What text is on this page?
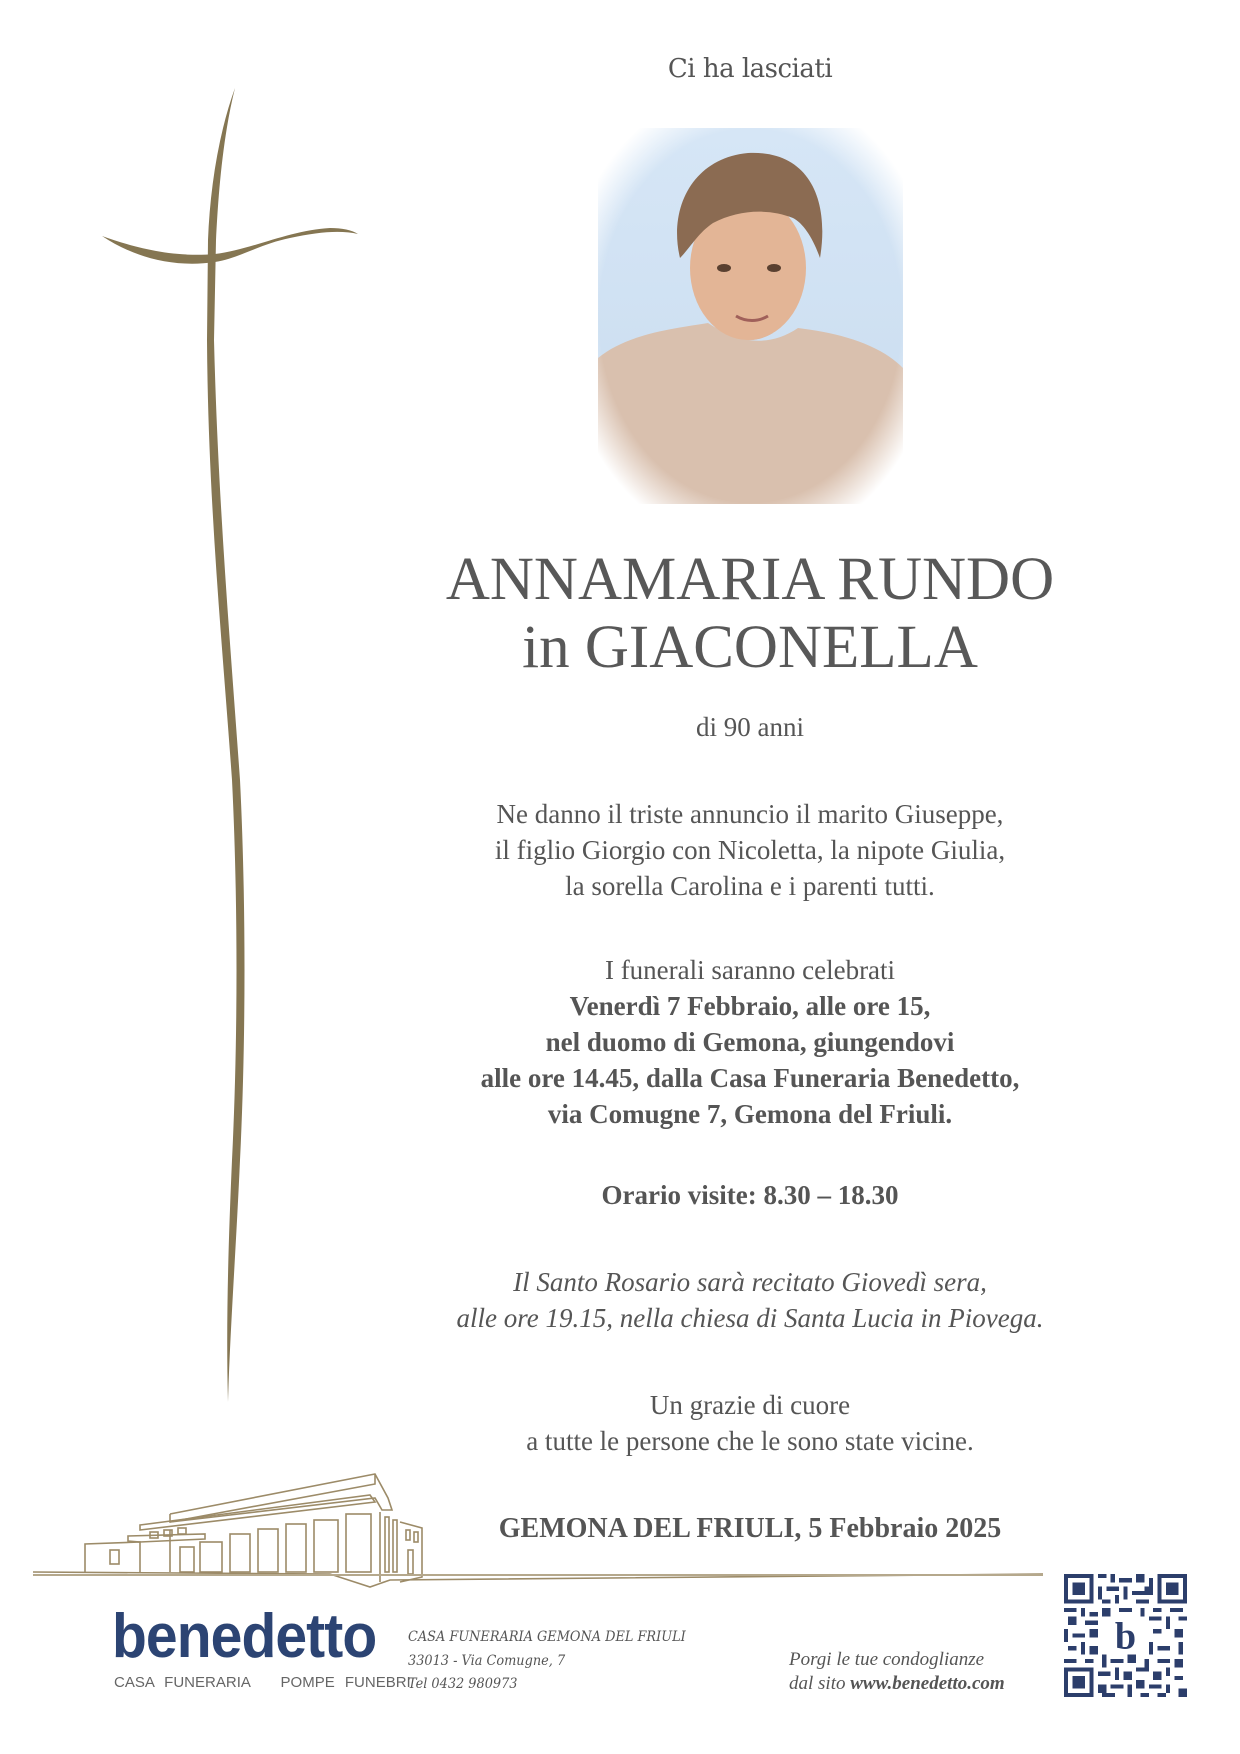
Ci ha lasciati
ANNAMARIA RUNDO
in GIACONELLA
di 90 anni
Ne danno il triste annuncio il marito Giuseppe,
il figlio Giorgio con Nicoletta, la nipote Giulia,
la sorella Carolina e i parenti tutti.
I funerali saranno celebrati
Venerdì 7 Febbraio, alle ore 15,
nel duomo di Gemona, giungendovi
alle ore 14.45, dalla Casa Funeraria Benedetto,
via Comugne 7, Gemona del Friuli.
Orario visite: 8.30 – 18.30
Il Santo Rosario sarà recitato Giovedì sera,
alle ore 19.15, nella chiesa di Santa Lucia in Piovega.
Un grazie di cuore
a tutte le persone che le sono state vicine.
GEMONA DEL FRIULI, 5 Febbraio 2025
benedetto
CASA FUNERARIA   POMPE FUNEBRI
CASA FUNERARIA GEMONA DEL FRIULI
33013 - Via Comugne, 7
Tel 0432 980973
Porgi le tue condoglianze
dal sito www.benedetto.com
b
